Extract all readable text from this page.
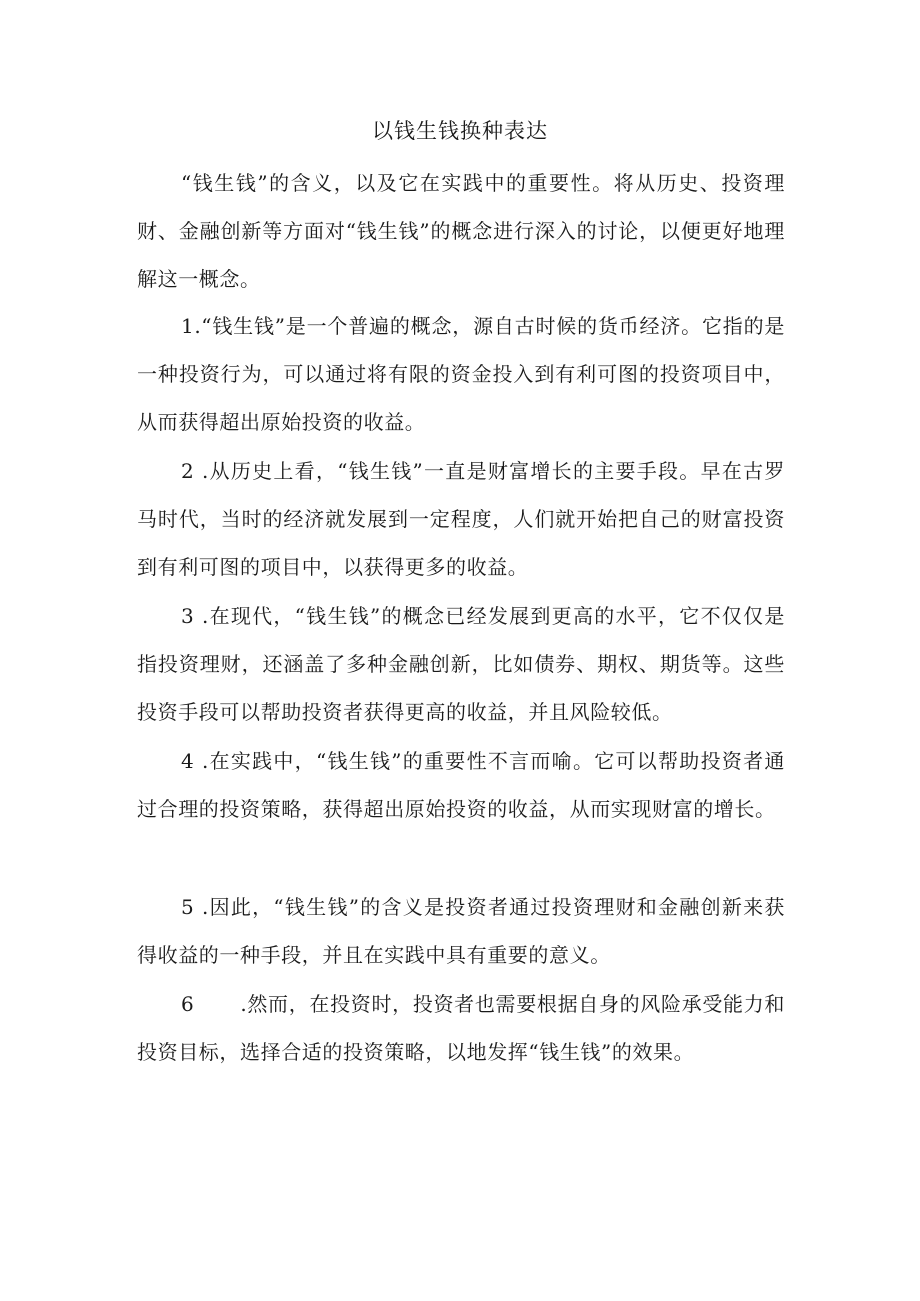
以钱生钱换种表达

“钱生钱”的含义，以及它在实践中的重要性。将从历史、投资理财、金融创新等方面对“钱生钱”的概念进行深入的讨论，以便更好地理解这一概念。

1.“钱生钱”是一个普遍的概念，源自古时候的货币经济。它指的是一种投资行为，可以通过将有限的资金投入到有利可图的投资项目中，从而获得超出原始投资的收益。

2 .从历史上看，“钱生钱”一直是财富增长的主要手段。早在古罗马时代，当时的经济就发展到一定程度，人们就开始把自己的财富投资到有利可图的项目中，以获得更多的收益。

3 .在现代，“钱生钱”的概念已经发展到更高的水平，它不仅仅是指投资理财，还涵盖了多种金融创新，比如债券、期权、期货等。这些投资手段可以帮助投资者获得更高的收益，并且风险较低。

4 .在实践中，“钱生钱”的重要性不言而喻。它可以帮助投资者通过合理的投资策略，获得超出原始投资的收益，从而实现财富的增长。

5 .因此，“钱生钱”的含义是投资者通过投资理财和金融创新来获得收益的一种手段，并且在实践中具有重要的意义。

6 .然而，在投资时，投资者也需要根据自身的风险承受能力和投资目标，选择合适的投资策略，以地发挥“钱生钱”的效果。
